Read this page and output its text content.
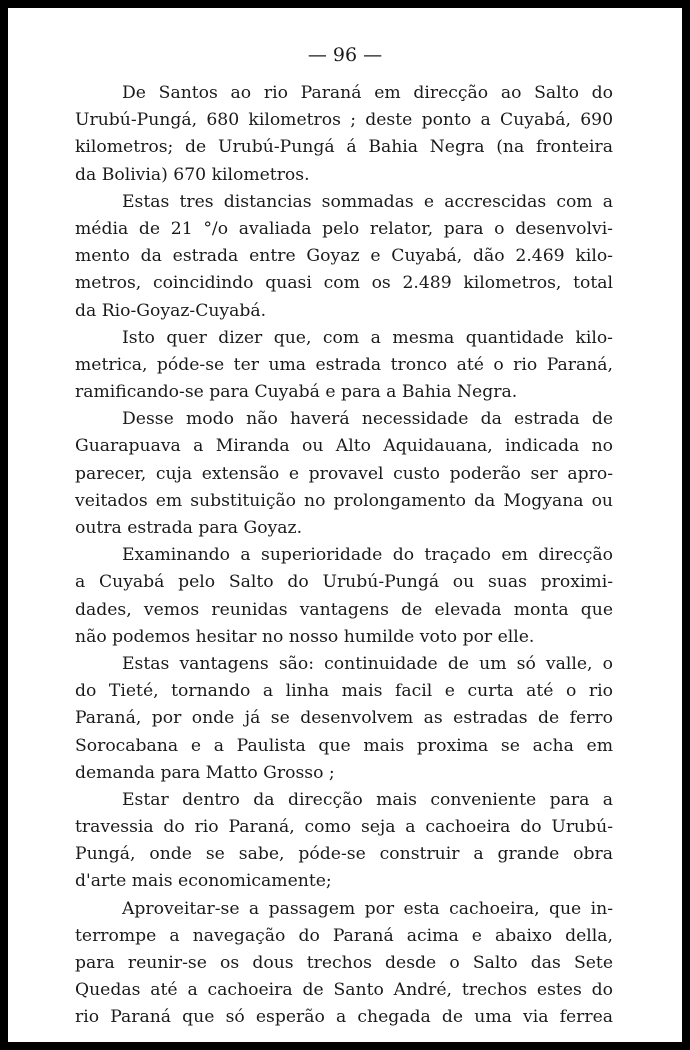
— 96 —

De Santos ao rio Paraná em direcção ao Salto do
Urubú-Pungá, 680 kilometros ; deste ponto a Cuyabá, 690
kilometros; de Urubú-Pungá á Bahia Negra (na fronteira
da Bolivia) 670 kilometros.
Estas tres distancias sommadas e accrescidas com a
média de 21 °/o avaliada pelo relator, para o desenvolvi-
mento da estrada entre Goyaz e Cuyabá, dão 2.469 kilo-
metros, coincidindo quasi com os 2.489 kilometros, total
da Rio-Goyaz-Cuyabá.
Isto quer dizer que, com a mesma quantidade kilo-
metrica, póde-se ter uma estrada tronco até o rio Paraná,
ramificando-se para Cuyabá e para a Bahia Negra.
Desse modo não haverá necessidade da estrada de
Guarapuava a Miranda ou Alto Aquidauana, indicada no
parecer, cuja extensão e provavel custo poderão ser apro-
veitados em substituição no prolongamento da Mogyana ou
outra estrada para Goyaz.
Examinando a superioridade do traçado em direcção
a Cuyabá pelo Salto do Urubú-Pungá ou suas proximi-
dades, vemos reunidas vantagens de elevada monta que
não podemos hesitar no nosso humilde voto por elle.
Estas vantagens são: continuidade de um só valle, o
do Tieté, tornando a linha mais facil e curta até o rio
Paraná, por onde já se desenvolvem as estradas de ferro
Sorocabana e a Paulista que mais proxima se acha em
demanda para Matto Grosso ;
Estar dentro da direcção mais conveniente para a
travessia do rio Paraná, como seja a cachoeira do Urubú-
Pungá, onde se sabe, póde-se construir a grande obra
d'arte mais economicamente;
Aproveitar-se a passagem por esta cachoeira, que in-
terrompe a navegação do Paraná acima e abaixo della,
para reunir-se os dous trechos desde o Salto das Sete
Quedas até a cachoeira de Santo André, trechos estes do
rio Paraná que só esperão a chegada de uma via ferrea
